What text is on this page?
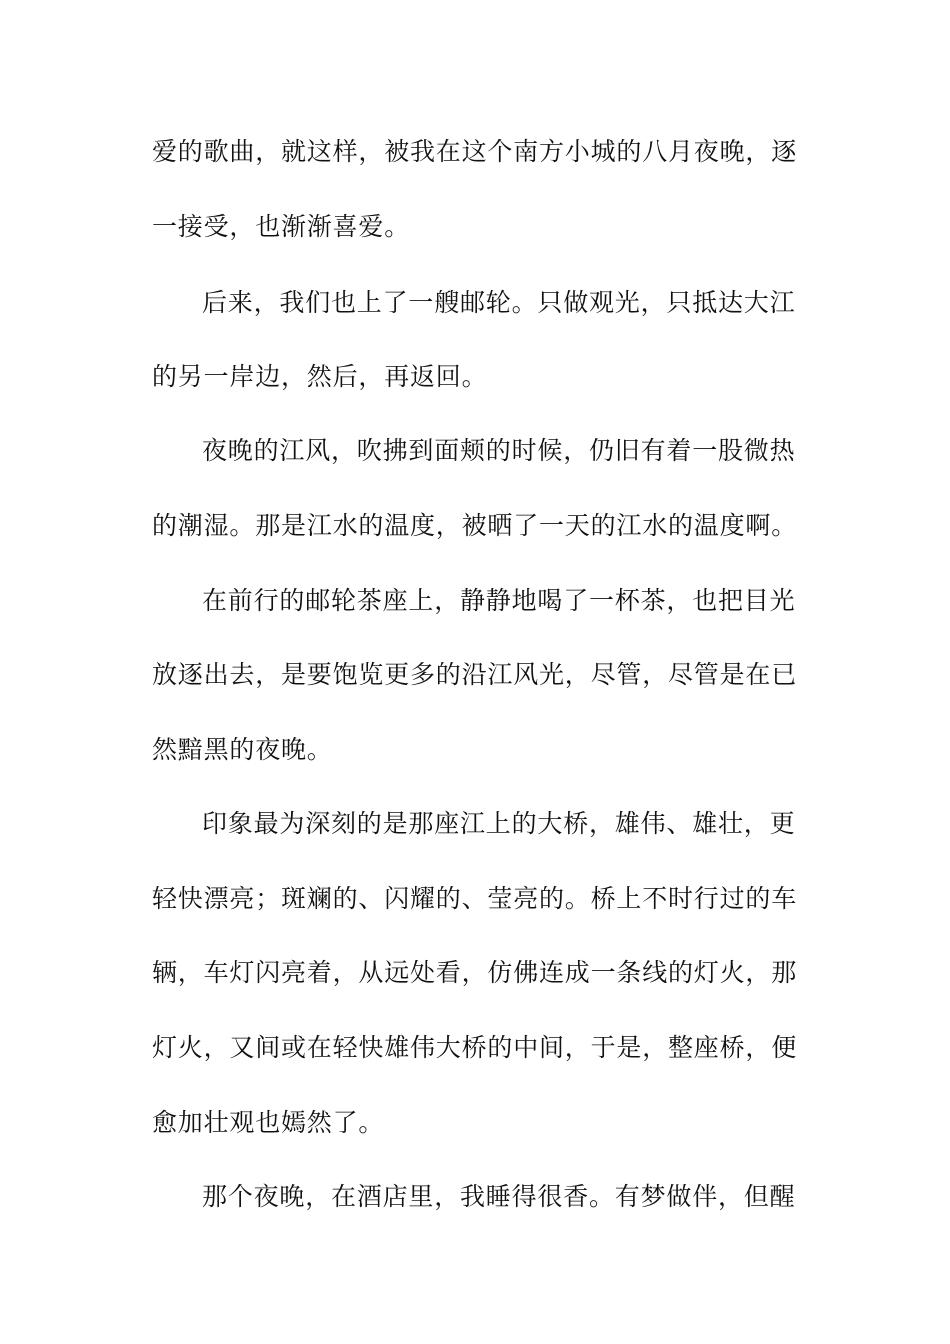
爱的歌曲，就这样，被我在这个南方小城的八月夜晚，逐
一接受，也渐渐喜爱。
后来，我们也上了一艘邮轮。只做观光，只抵达大江
的另一岸边，然后，再返回。
夜晚的江风，吹拂到面颊的时候，仍旧有着一股微热
的潮湿。那是江水的温度，被晒了一天的江水的温度啊。
在前行的邮轮茶座上，静静地喝了一杯茶，也把目光
放逐出去，是要饱览更多的沿江风光，尽管，尽管是在已
然黯黑的夜晚。
印象最为深刻的是那座江上的大桥，雄伟、雄壮，更
轻快漂亮；斑斓的、闪耀的、莹亮的。桥上不时行过的车
辆，车灯闪亮着，从远处看，仿佛连成一条线的灯火，那
灯火，又间或在轻快雄伟大桥的中间，于是，整座桥，便
愈加壮观也嫣然了。
那个夜晚，在酒店里，我睡得很香。有梦做伴，但醒
